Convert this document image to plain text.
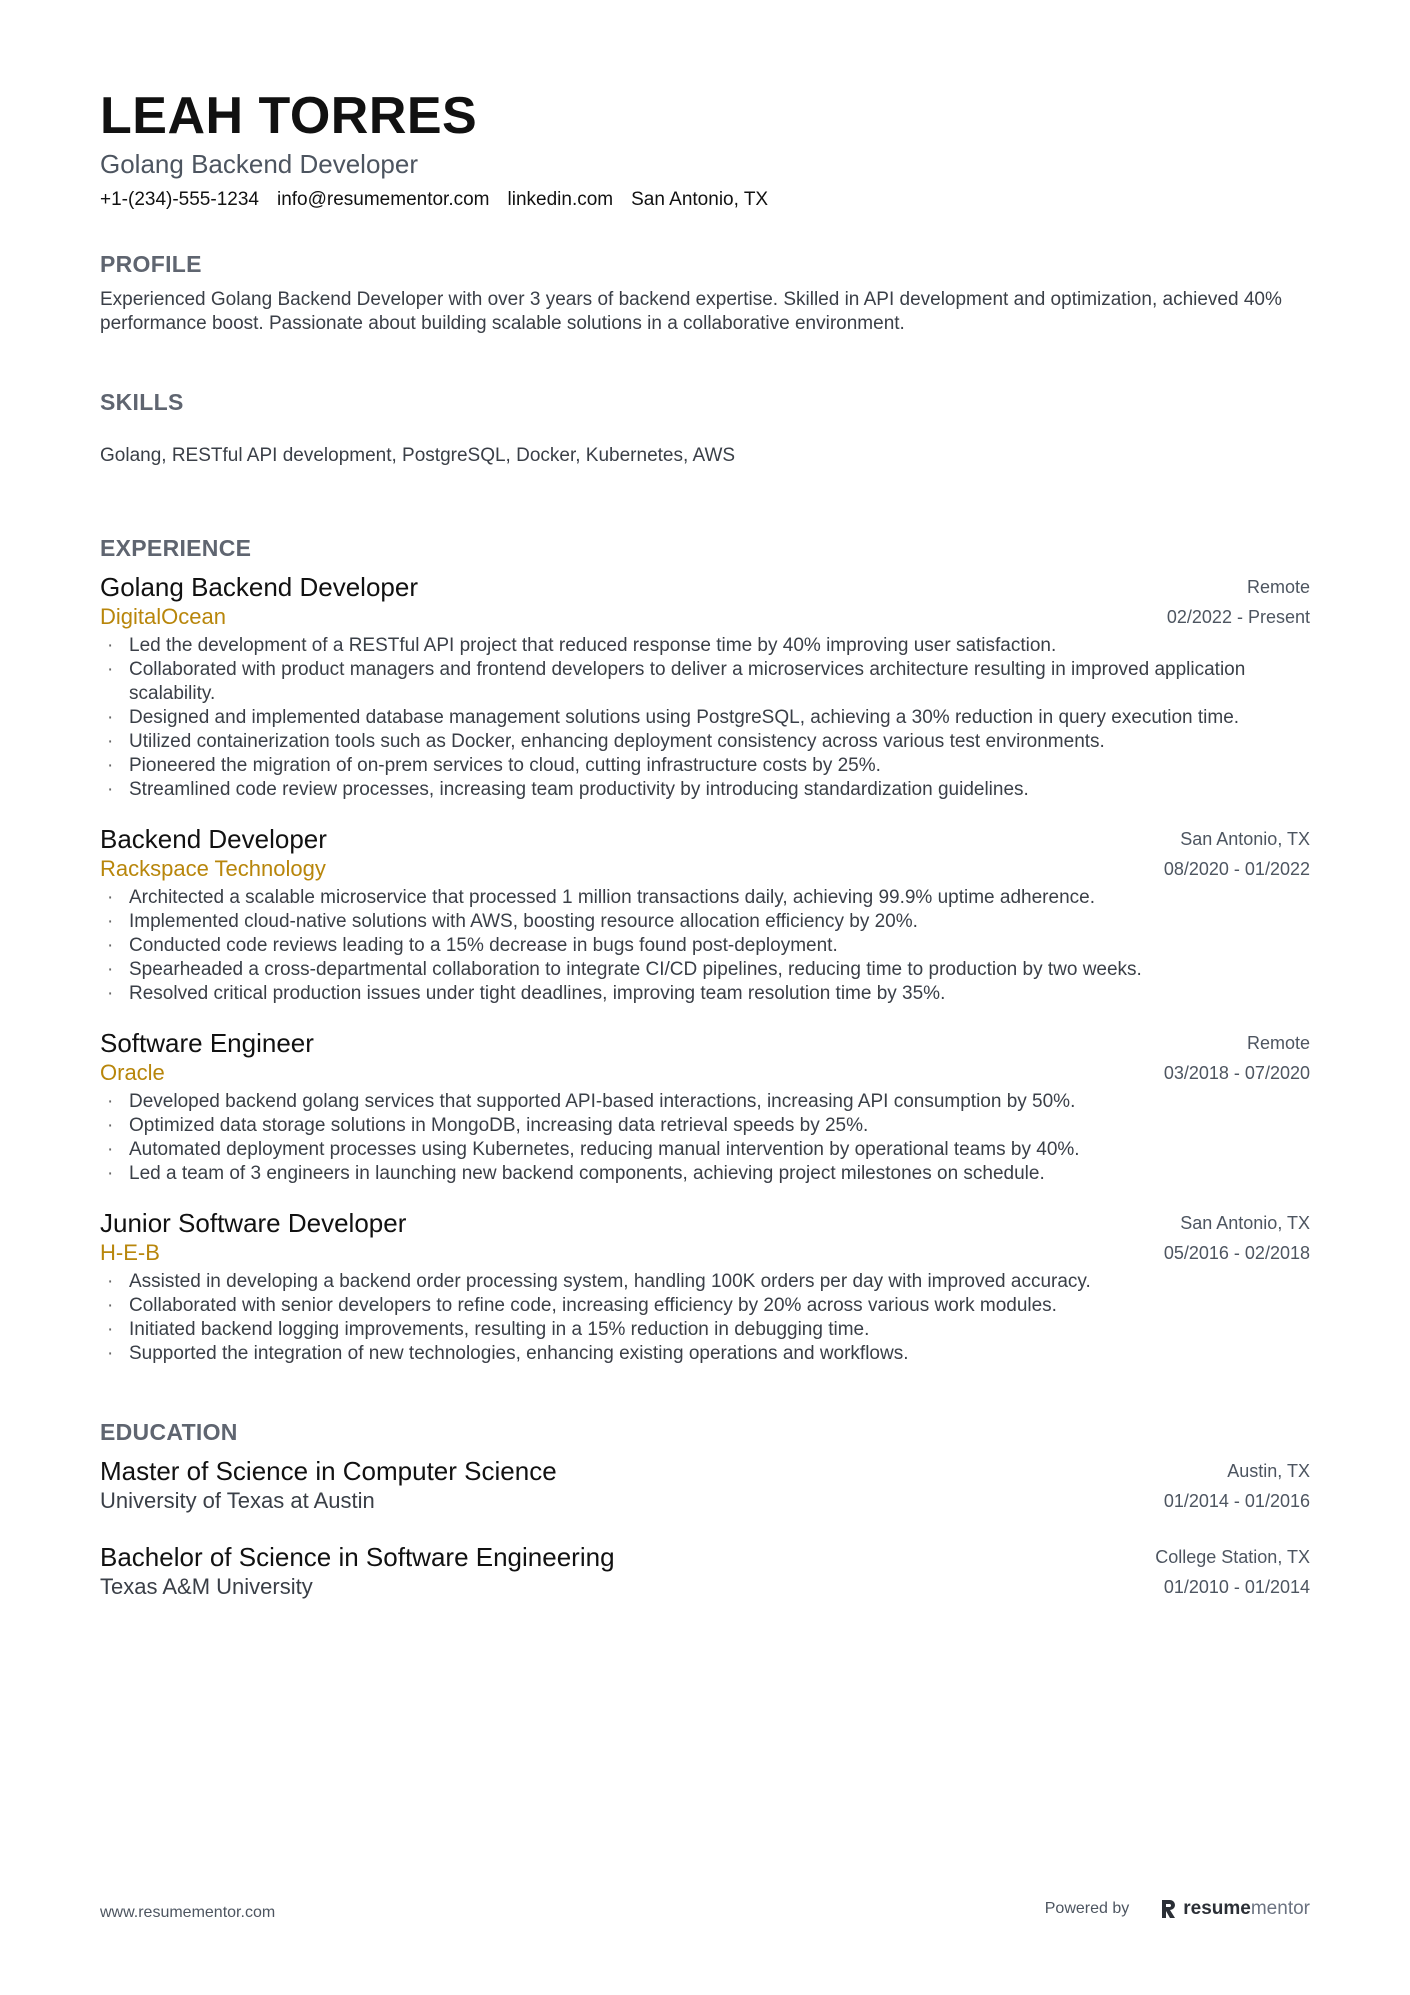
LEAH TORRES
Golang Backend Developer
+1-(234)-555-1234 info@resumementor.com linkedin.com San Antonio, TX
PROFILE
Experienced Golang Backend Developer with over 3 years of backend expertise. Skilled in API development and optimization, achieved 40% performance boost. Passionate about building scalable solutions in a collaborative environment.
SKILLS
Golang, RESTful API development, PostgreSQL, Docker, Kubernetes, AWS
EXPERIENCE
Golang Backend Developer
DigitalOcean
Remote
02/2022 - Present
· Led the development of a RESTful API project that reduced response time by 40% improving user satisfaction.
· Collaborated with product managers and frontend developers to deliver a microservices architecture resulting in improved application scalability.
· Designed and implemented database management solutions using PostgreSQL, achieving a 30% reduction in query execution time.
· Utilized containerization tools such as Docker, enhancing deployment consistency across various test environments.
· Pioneered the migration of on-prem services to cloud, cutting infrastructure costs by 25%.
· Streamlined code review processes, increasing team productivity by introducing standardization guidelines.
Backend Developer
Rackspace Technology
San Antonio, TX
08/2020 - 01/2022
· Architected a scalable microservice that processed 1 million transactions daily, achieving 99.9% uptime adherence.
· Implemented cloud-native solutions with AWS, boosting resource allocation efficiency by 20%.
· Conducted code reviews leading to a 15% decrease in bugs found post-deployment.
· Spearheaded a cross-departmental collaboration to integrate CI/CD pipelines, reducing time to production by two weeks.
· Resolved critical production issues under tight deadlines, improving team resolution time by 35%.
Software Engineer
Oracle
Remote
03/2018 - 07/2020
· Developed backend golang services that supported API-based interactions, increasing API consumption by 50%.
· Optimized data storage solutions in MongoDB, increasing data retrieval speeds by 25%.
· Automated deployment processes using Kubernetes, reducing manual intervention by operational teams by 40%.
· Led a team of 3 engineers in launching new backend components, achieving project milestones on schedule.
Junior Software Developer
H-E-B
San Antonio, TX
05/2016 - 02/2018
· Assisted in developing a backend order processing system, handling 100K orders per day with improved accuracy.
· Collaborated with senior developers to refine code, increasing efficiency by 20% across various work modules.
· Initiated backend logging improvements, resulting in a 15% reduction in debugging time.
· Supported the integration of new technologies, enhancing existing operations and workflows.
EDUCATION
Master of Science in Computer Science
University of Texas at Austin
Austin, TX
01/2014 - 01/2016
Bachelor of Science in Software Engineering
Texas A&M University
College Station, TX
01/2010 - 01/2014
www.resumementor.com	Powered by	resumementor
